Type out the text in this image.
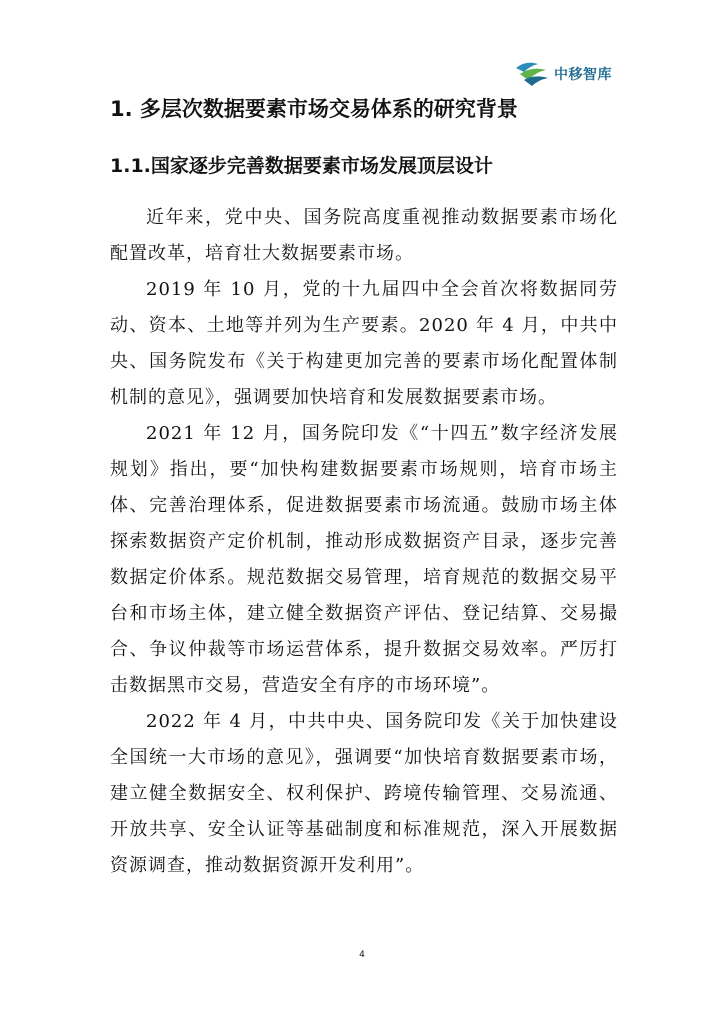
中移智库
1. 多层次数据要素市场交易体系的研究背景
1.1.国家逐步完善数据要素市场发展顶层设计

近年来，党中央、国务院高度重视推动数据要素市场化配置改革，培育壮大数据要素市场。

2019 年 10 月，党的十九届四中全会首次将数据同劳动、资本、土地等并列为生产要素。2020 年 4 月，中共中央、国务院发布《关于构建更加完善的要素市场化配置体制机制的意见》，强调要加快培育和发展数据要素市场。

2021 年 12 月，国务院印发《“十四五”数字经济发展规划》指出，要“加快构建数据要素市场规则，培育市场主体、完善治理体系，促进数据要素市场流通。鼓励市场主体探索数据资产定价机制，推动形成数据资产目录，逐步完善数据定价体系。规范数据交易管理，培育规范的数据交易平台和市场主体，建立健全数据资产评估、登记结算、交易撮合、争议仲裁等市场运营体系，提升数据交易效率。严厉打击数据黑市交易，营造安全有序的市场环境”。

2022 年 4 月，中共中央、国务院印发《关于加快建设全国统一大市场的意见》，强调要“加快培育数据要素市场，建立健全数据安全、权利保护、跨境传输管理、交易流通、开放共享、安全认证等基础制度和标准规范，深入开展数据资源调查，推动数据资源开发利用”。

4
